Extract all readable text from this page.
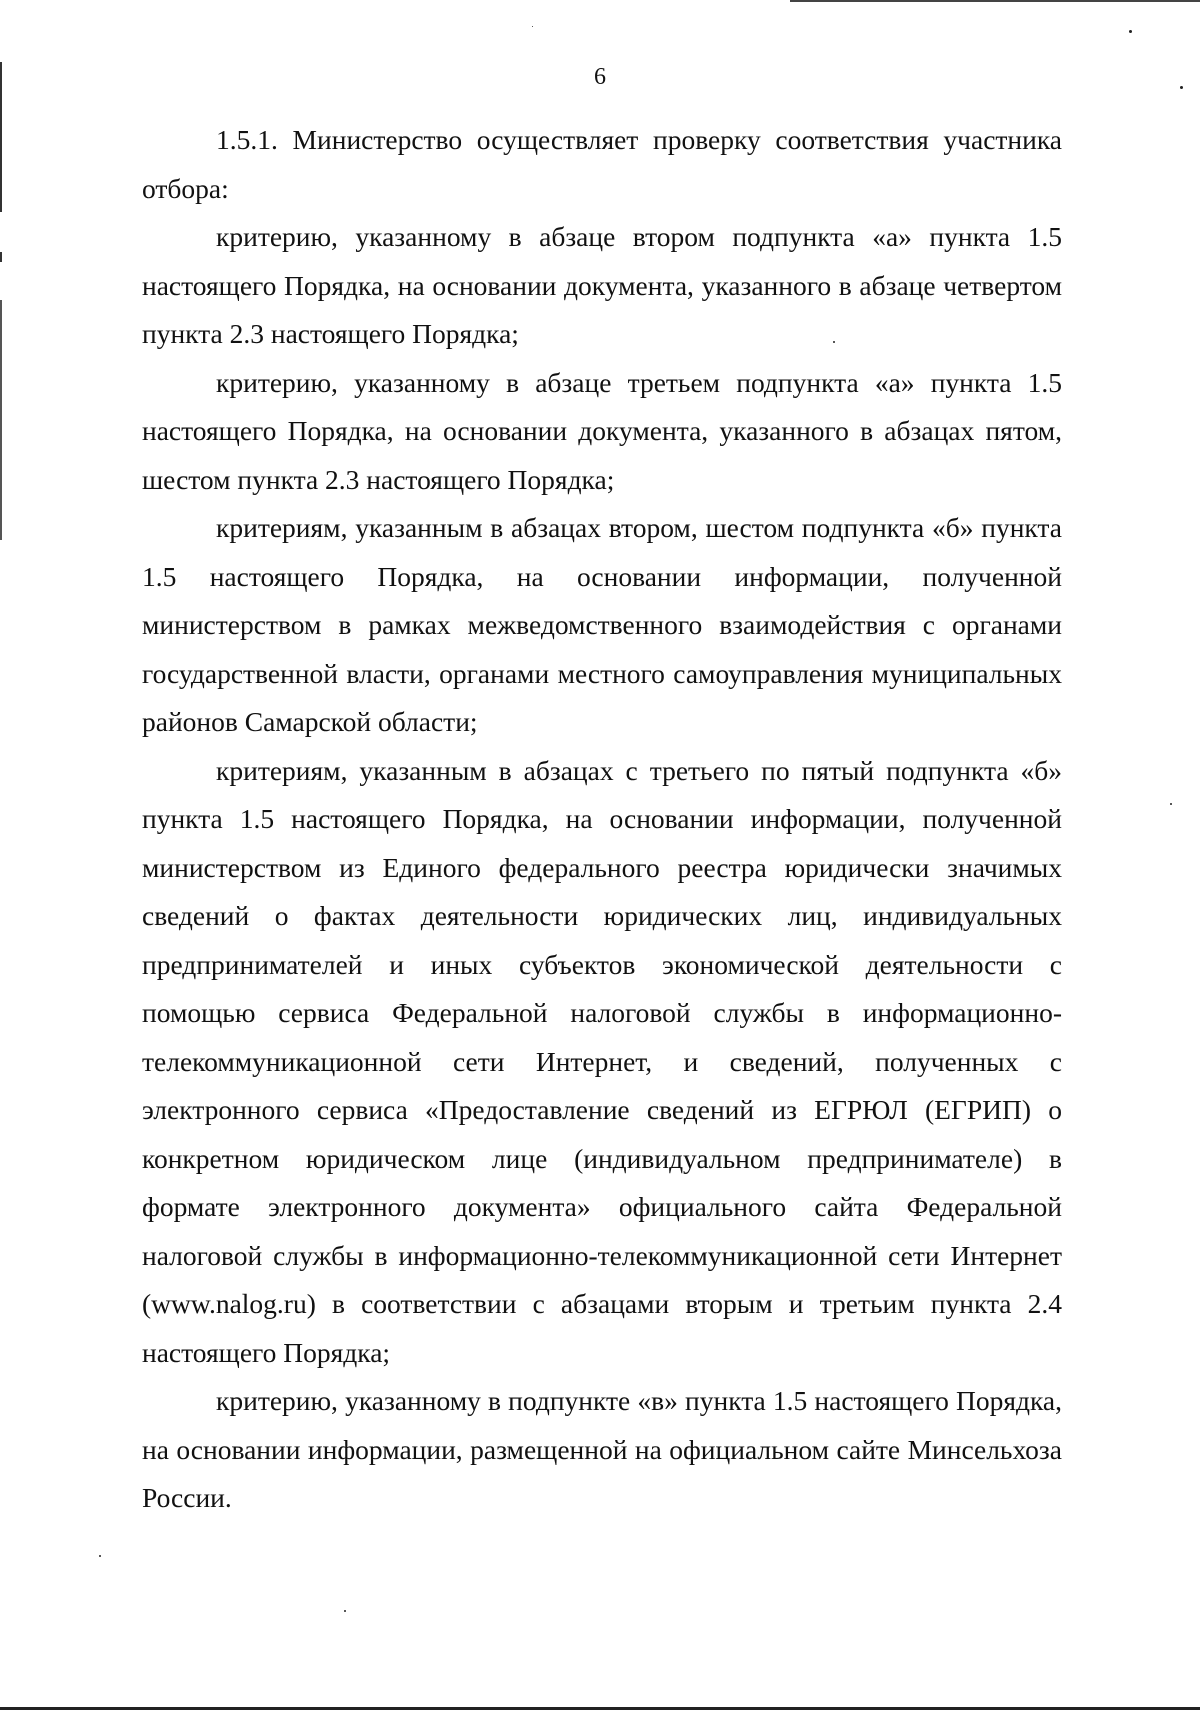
6

1.5.1. Министерство осуществляет проверку соответствия участника отбора:

критерию, указанному в абзаце втором подпункта «а» пункта 1.5 настоящего Порядка, на основании документа, указанного в абзаце четвертом пункта 2.3 настоящего Порядка;

критерию, указанному в абзаце третьем подпункта «а» пункта 1.5 настоящего Порядка, на основании документа, указанного в абзацах пятом, шестом пункта 2.3 настоящего Порядка;

критериям, указанным в абзацах втором, шестом подпункта «б» пункта 1.5 настоящего Порядка, на основании информации, полученной министерством в рамках межведомственного взаимодействия с органами государственной власти, органами местного самоуправления муниципальных районов Самарской области;

критериям, указанным в абзацах с третьего по пятый подпункта «б» пункта 1.5 настоящего Порядка, на основании информации, полученной министерством из Единого федерального реестра юридически значимых сведений о фактах деятельности юридических лиц, индивидуальных предпринимателей и иных субъектов экономической деятельности с помощью сервиса Федеральной налоговой службы в информационно-телекоммуникационной сети Интернет, и сведений, полученных с электронного сервиса «Предоставление сведений из ЕГРЮЛ (ЕГРИП) о конкретном юридическом лице (индивидуальном предпринимателе) в формате электронного документа» официального сайта Федеральной налоговой службы в информационно-телекоммуникационной сети Интернет (www.nalog.ru) в соответствии с абзацами вторым и третьим пункта 2.4 настоящего Порядка;

критерию, указанному в подпункте «в» пункта 1.5 настоящего Порядка, на основании информации, размещенной на официальном сайте Минсельхоза России.
